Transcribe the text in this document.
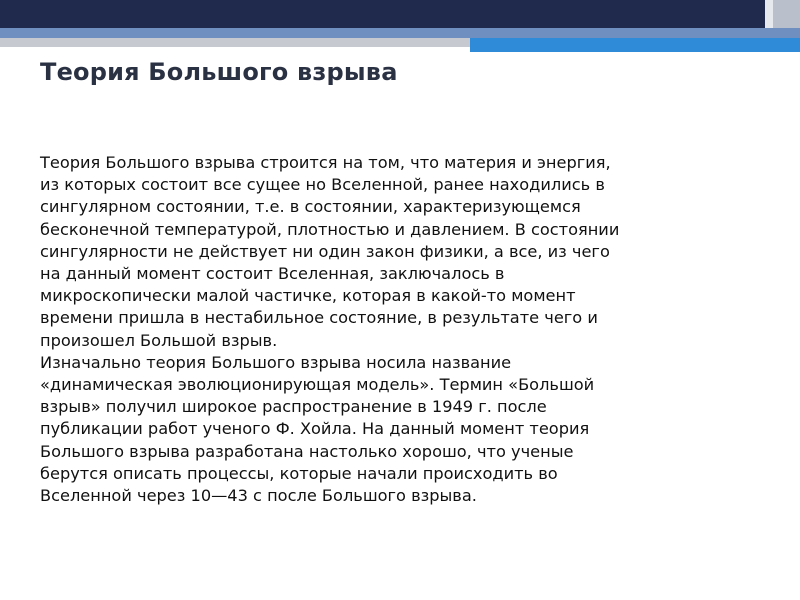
Теория Большого взрыва
Теория Большого взрыва строится на том, что материя и энергия,
из которых состоит все сущее но Вселенной, ранее находились в
сингулярном состоянии, т.е. в состоянии, характеризующемся
бесконечной температурой, плотностью и давлением. В состоянии
сингулярности не действует ни один закон физики, а все, из чего
на данный момент состоит Вселенная, заключалось в
микроскопически малой частичке, которая в какой-то момент
времени пришла в нестабильное состояние, в результате чего и
произошел Большой взрыв.
Изначально теория Большого взрыва носила название
«динамическая эволюционирующая модель». Термин «Большой
взрыв» получил широкое распространение в 1949 г. после
публикации работ ученого Ф. Хойла. На данный момент теория
Большого взрыва разработана настолько хорошо, что ученые
берутся описать процессы, которые начали происходить во
Вселенной через 10—43 с после Большого взрыва.
